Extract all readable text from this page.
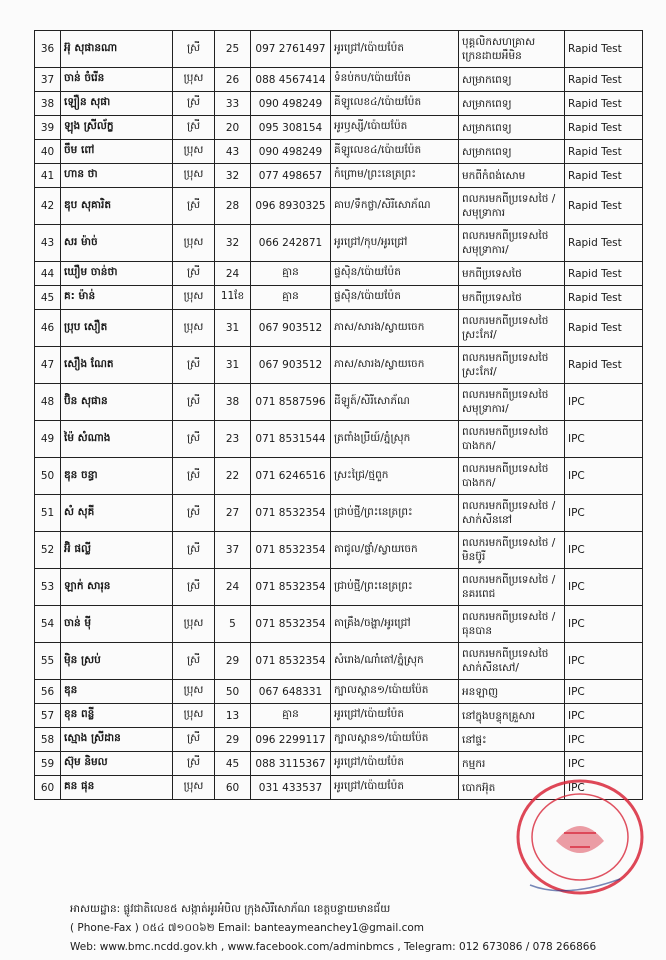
36	អ៊ុ សុផានណា	ស្រី	25	097 2761497	អូរជ្រៅ/ប៉ោយប៉ែត	បុគ្គលិកសហគ្រាស ក្រេនដាយអឹមិន	Rapid Test
37	ចាន់ ចំរើន	ប្រុស	26	088 4567414	ទំនប់កប/ប៉ោយប៉ែត	សម្រាកពេទ្យ	Rapid Test
38	ឡឿន សុផា	ស្រី	33	090 498249	គីឡូលេខ៤/ប៉ោយប៉ែត	សម្រាកពេទ្យ	Rapid Test
39	ឡុង ស្រីល័ក្ខ	ស្រី	20	095 308154	អូរឫស្សី/ប៉ោយប៉ែត	សម្រាកពេទ្យ	Rapid Test
40	ចឹម ពៅ	ប្រុស	43	090 498249	គីឡូលេខ៤/ប៉ោយប៉ែត	សម្រាកពេទ្យ	Rapid Test
41	ហាន ថា	ប្រុស	32	077 498657	កំព្រោម/ព្រះនេត្រព្រះ	មកពីកំពង់សោម	Rapid Test
42	ឌុប សុគារិត	ស្រី	28	096 8930325	គាប/ទឹកថ្លា/សិរីសោភ័ណ	ពលករមកពីប្រទេសថៃ /សមុទ្រាការ	Rapid Test
43	សរ ម៉ាច់	ប្រុស	32	066 242871	អូរជ្រៅ/កុប/អូរជ្រៅ	ពលករមកពីប្រទេសថៃ សមុទ្រាការ/	Rapid Test
44	ឃឿម ចាន់ថា	ស្រី	24	គ្មាន	ផ្ទស៊ិន/ប៉ោយប៉ែត	មកពីប្រទេសថៃ	Rapid Test
45	គ: ម៉ាន់	ប្រុស	11ខែ	គ្មាន	ផ្ទស៊ិន/ប៉ោយប៉ែត	មកពីប្រទេសថៃ	Rapid Test
46	ប្រុប សឿត	ប្រុស	31	067 903512	ភាស/សារង/ស្វាយចេក	ពលករមកពីប្រទេសថៃ ស្រះកែវ/	Rapid Test
47	សឿង ណែត	ស្រី	31	067 903512	ភាស/សារង/ស្វាយចេក	ពលករមកពីប្រទេសថៃ ស្រះកែវ/	Rapid Test
48	ប៊ិន សុផាន	ស្រី	38	071 8587596	ដីឡូត៍/សិរីសោភ័ណ	ពលករមកពីប្រទេសថៃ សមុទ្រាការ/	IPC
49	ម៉ៃ សំណាង	ស្រី	23	071 8531544	ត្រពាំងប្រីយ៍/ភ្នំស្រុក	ពលករមកពីប្រទេសថៃ បាងកក/	IPC
50	ឌុន ចន្ធា	ស្រី	22	071 6246516	ស្រះជ្រៃ/ថ្មពួក	ពលករមកពីប្រទេសថៃ បាងកក/	IPC
51	សំ សុគី	ស្រី	27	071 8532354	ជ្រាប់ថ្មី/ព្រះនេត្រព្រះ	ពលករមកពីប្រទេសថៃ / សាក់សីននៅ	IPC
52	អ៊ិ ផល្លី	ស្រី	37	071 8532354	តាជូល/ផ្ទាំ/ស្វាយចេក	ពលករមកពីប្រទេសថៃ / មិនប៊ូរី	IPC
53	ឡាក់ សារុន	ស្រី	24	071 8532354	ជ្រាប់ថ្មី/ព្រះនេត្រព្រះ	ពលករមកពីប្រទេសថៃ / នគរពេជ	IPC
54	ចាន់ ម៉ី	ប្រុស	5	071 8532354	តាគ្រឹង/ចង្ហា/អូរជ្រៅ	ពលករមកពីប្រទេសថៃ / ធុនបាន	IPC
55	ម៉ិន ស្រប់	ស្រី	29	071 8532354	សំរោង/ណាំតៅ/ភ្នំស្រុក	ពលករមកពីប្រទេសថៃ សាក់សីនសៅ/	IPC
56	ឌុន	ប្រុស	50	067 648331	ក្បាលស្ពាន១/ប៉ោយប៉ែត	អនឡាញ	IPC
57	ខុន ពន្លី	ប្រុស	13	គ្មាន	អូរជ្រៅ/ប៉ោយប៉ែត	នៅក្នុងបន្ទុកគ្រួសារ	IPC
58	ស្មោង ស្រីដាន	ស្រី	29	096 2299117	ក្បាលស្ពាន១/ប៉ោយប៉ែត	នៅផ្ទះ	IPC
59	ស៊ុម និមល	ស្រី	45	088 3115367	អូរជ្រៅ/ប៉ោយប៉ែត	កម្មករ	IPC
60	គន ផុន	ប្រុស	60	031 433537	អូរជ្រៅ/ប៉ោយប៉ែត	បោកអ៊ុត	IPC
អាសយដ្ឋាន: ផ្លូវជាតិលេខ៥ សង្កាត់អូរអំបិល ក្រុងសិរីសោភ័ណ ខេត្តបន្ទាយមានជ័យ
( Phone-Fax ) ០៥៤ ៧១០០៦២ Email: banteaymeanchey1@gmail.com
Web: www.bmc.ncdd.gov.kh , www.facebook.com/adminbmcs , Telegram: 012 673086 / 078 266866
